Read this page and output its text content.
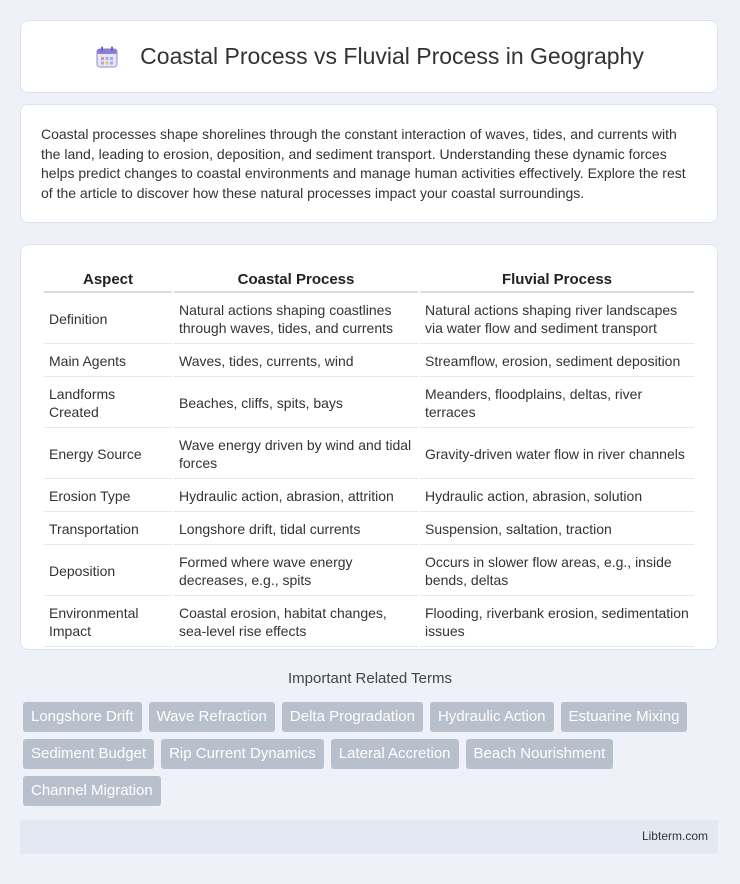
Coastal Process vs Fluvial Process in Geography

Coastal processes shape shorelines through the constant interaction of waves, tides, and currents with the land, leading to erosion, deposition, and sediment transport. Understanding these dynamic forces helps predict changes to coastal environments and manage human activities effectively. Explore the rest of the article to discover how these natural processes impact your coastal surroundings.

Aspect	Coastal Process	Fluvial Process
Definition	Natural actions shaping coastlines through waves, tides, and currents	Natural actions shaping river landscapes via water flow and sediment transport
Main Agents	Waves, tides, currents, wind	Streamflow, erosion, sediment deposition
Landforms Created	Beaches, cliffs, spits, bays	Meanders, floodplains, deltas, river terraces
Energy Source	Wave energy driven by wind and tidal forces	Gravity-driven water flow in river channels
Erosion Type	Hydraulic action, abrasion, attrition	Hydraulic action, abrasion, solution
Transportation	Longshore drift, tidal currents	Suspension, saltation, traction
Deposition	Formed where wave energy decreases, e.g., spits	Occurs in slower flow areas, e.g., inside bends, deltas
Environmental Impact	Coastal erosion, habitat changes, sea-level rise effects	Flooding, riverbank erosion, sedimentation issues
Important Related Terms
Longshore Drift	Wave Refraction	Delta Progradation	Hydraulic Action	Estuarine Mixing
Sediment Budget	Rip Current Dynamics	Lateral Accretion	Beach Nourishment
Channel Migration
Libterm.com
